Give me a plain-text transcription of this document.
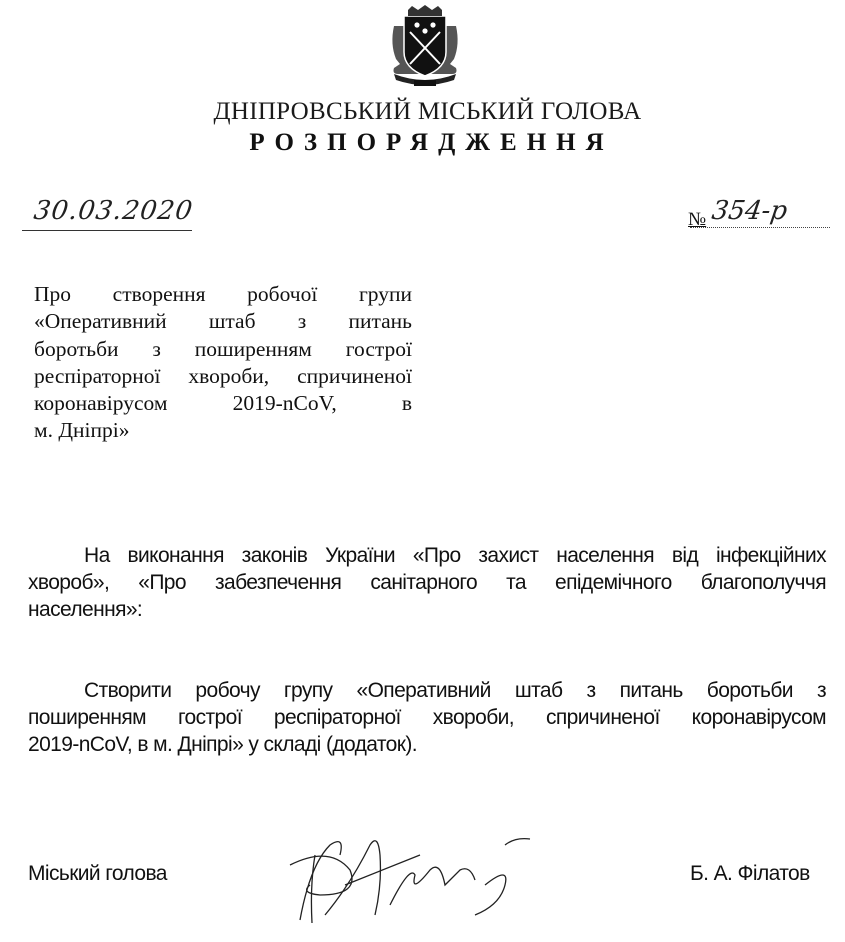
ДНІПРОВСЬКИЙ МІСЬКИЙ ГОЛОВА
РОЗПОРЯДЖЕННЯ
30.03.2020	№ 354-р
Про створення робочої групи
«Оперативний штаб з питань
боротьби з поширенням гострої
респіраторної хвороби, спричиненої
коронавірусом 2019-nCoV, в
м. Дніпрі»
На виконання законів України «Про захист населення від інфекційних
хвороб», «Про забезпечення санітарного та епідемічного благополуччя
населення»:
Створити робочу групу «Оперативний штаб з питань боротьби з
поширенням гострої респіраторної хвороби, спричиненої коронавірусом
2019-nCoV, в м. Дніпрі» у складі (додаток).
Міський голова	Б. А. Філатов
